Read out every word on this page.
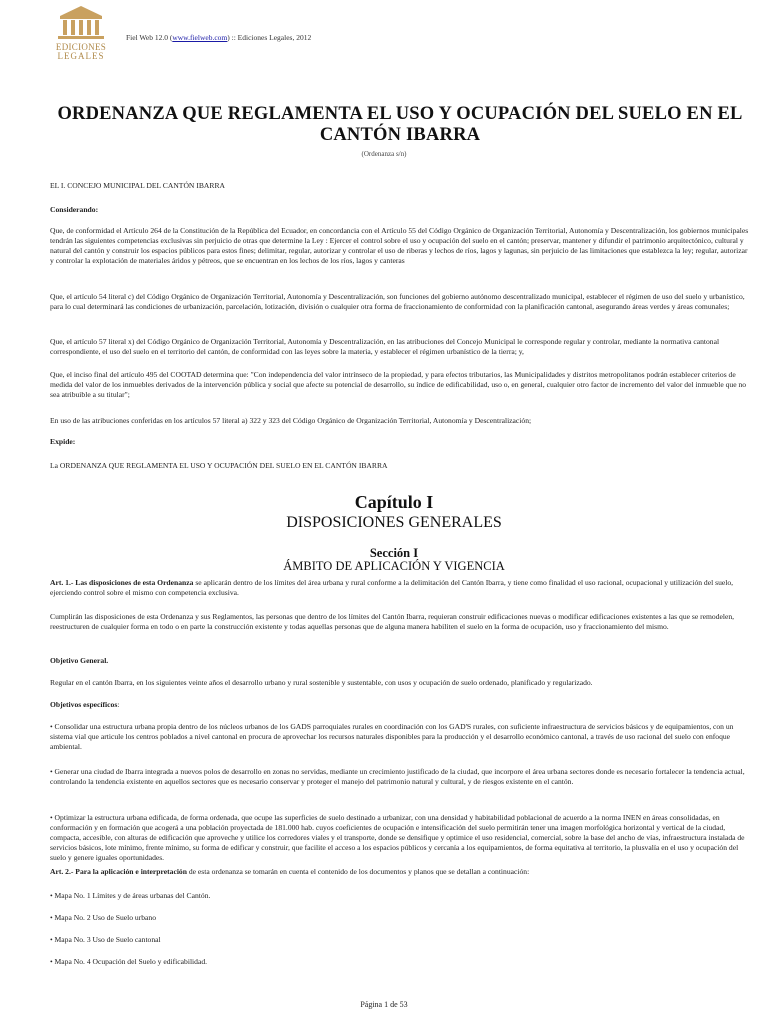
EDICIONES
LEGALES
Fiel Web 12.0 (www.fielweb.com) :: Ediciones Legales, 2012
ORDENANZA QUE REGLAMENTA EL USO Y OCUPACIÓN DEL SUELO EN EL CANTÓN IBARRA
(Ordenanza s/n)
EL I. CONCEJO MUNICIPAL DEL CANTÓN IBARRA
Considerando:
Que, de conformidad el Artículo 264 de la Constitución de la República del Ecuador, en concordancia con el Artículo 55 del Código Orgánico de Organización Territorial, Autonomía y Descentralización, los gobiernos municipales tendrán las siguientes competencias exclusivas sin perjuicio de otras que determine la Ley : Ejercer el control sobre el uso y ocupación del suelo en el cantón; preservar, mantener y difundir el patrimonio arquitectónico, cultural y natural del cantón y construir los espacios públicos para estos fines; delimitar, regular, autorizar y controlar el uso de riberas y lechos de ríos, lagos y lagunas, sin perjuicio de las limitaciones que establezca la ley; regular, autorizar y controlar la explotación de materiales áridos y pétreos, que se encuentran en los lechos de los ríos, lagos y canteras
Que, el artículo 54 literal c) del Código Orgánico de Organización Territorial, Autonomía y Descentralización, son funciones del gobierno autónomo descentralizado municipal, establecer el régimen de uso del suelo y urbanístico, para lo cual determinará las condiciones de urbanización, parcelación, lotización, división o cualquier otra forma de fraccionamiento de conformidad con la planificación cantonal, asegurando áreas verdes y áreas comunales;
Que, el artículo 57 literal x) del Código Orgánico de Organización Territorial, Autonomía y Descentralización, en las atribuciones del Concejo Municipal le corresponde regular y controlar, mediante la normativa cantonal correspondiente, el uso del suelo en el territorio del cantón, de conformidad con las leyes sobre la materia, y establecer el régimen urbanístico de la tierra; y,
Que, el inciso final del artículo 495 del COOTAD determina que: "Con independencia del valor intrínseco de la propiedad, y para efectos tributarios, las Municipalidades y distritos metropolitanos podrán establecer criterios de medida del valor de los inmuebles derivados de la intervención pública y social que afecte su potencial de desarrollo, su índice de edificabilidad, uso o, en general, cualquier otro factor de incremento del valor del inmueble que no sea atribuible a su titular";
En uso de las atribuciones conferidas en los artículos 57 literal a) 322 y 323 del Código Orgánico de Organización Territorial, Autonomía y Descentralización;
Expide:
La ORDENANZA QUE REGLAMENTA EL USO Y OCUPACIÓN DEL SUELO EN EL CANTÓN IBARRA
Capítulo I
DISPOSICIONES GENERALES
Sección I
ÁMBITO DE APLICACIÓN Y VIGENCIA
Art. 1.- Las disposiciones de esta Ordenanza se aplicarán dentro de los límites del área urbana y rural conforme a la delimitación del Cantón Ibarra, y tiene como finalidad el uso racional, ocupacional y utilización del suelo, ejerciendo control sobre el mismo con competencia exclusiva.
Cumplirán las disposiciones de esta Ordenanza y sus Reglamentos, las personas que dentro de los límites del Cantón Ibarra, requieran construir edificaciones nuevas o modificar edificaciones existentes a las que se remodelen, reestructuren de cualquier forma en todo o en parte la construcción existente y todas aquellas personas que de alguna manera habiliten el suelo en la forma de ocupación, uso y fraccionamiento del mismo.
Objetivo General.
Regular en el cantón Ibarra, en los siguientes veinte años el desarrollo urbano y rural sostenible y sustentable, con usos y ocupación de suelo ordenado, planificado y regularizado.
Objetivos específicos:
• Consolidar una estructura urbana propia dentro de los núcleos urbanos de los GADS parroquiales rurales en coordinación con los GAD'S rurales, con suficiente infraestructura de servicios básicos y de equipamientos, con un sistema vial que articule los centros poblados a nivel cantonal en procura de aprovechar los recursos naturales disponibles para la producción y el desarrollo económico cantonal, a través de uso racional del suelo con enfoque ambiental.
• Generar una ciudad de Ibarra integrada a nuevos polos de desarrollo en zonas no servidas, mediante un crecimiento justificado de la ciudad, que incorpore el área urbana sectores donde es necesario fortalecer la tendencia actual, controlando la tendencia existente en aquellos sectores que es necesario conservar y proteger el manejo del patrimonio natural y cultural, y de riesgos existente en el cantón.
• Optimizar la estructura urbana edificada, de forma ordenada, que ocupe las superficies de suelo destinado a urbanizar, con una densidad y habitabilidad poblacional de acuerdo a la norma INEN en áreas consolidadas, en conformación y en formación que acogerá a una población proyectada de 181.000 hab. cuyos coeficientes de ocupación e intensificación del suelo permitirán tener una imagen morfológica horizontal y vertical de la ciudad, compacta, accesible, con alturas de edificación que aproveche y utilice los corredores viales y el transporte, donde se densifique y optimice el uso residencial, comercial, sobre la base del ancho de vías, infraestructura instalada de servicios básicos, lote mínimo, frente mínimo, su forma de edificar y construir, que facilite el acceso a los espacios públicos y cercanía a los equipamientos, de forma equitativa al territorio, la plusvalía en el uso y ocupación del suelo y genere iguales oportunidades.
Art. 2.- Para la aplicación e interpretación de esta ordenanza se tomarán en cuenta el contenido de los documentos y planos que se detallan a continuación:
• Mapa No. 1 Límites y de áreas urbanas del Cantón.
• Mapa No. 2 Uso de Suelo urbano
• Mapa No. 3 Uso de Suelo cantonal
• Mapa No. 4 Ocupación del Suelo y edificabilidad.
Página 1 de 53
